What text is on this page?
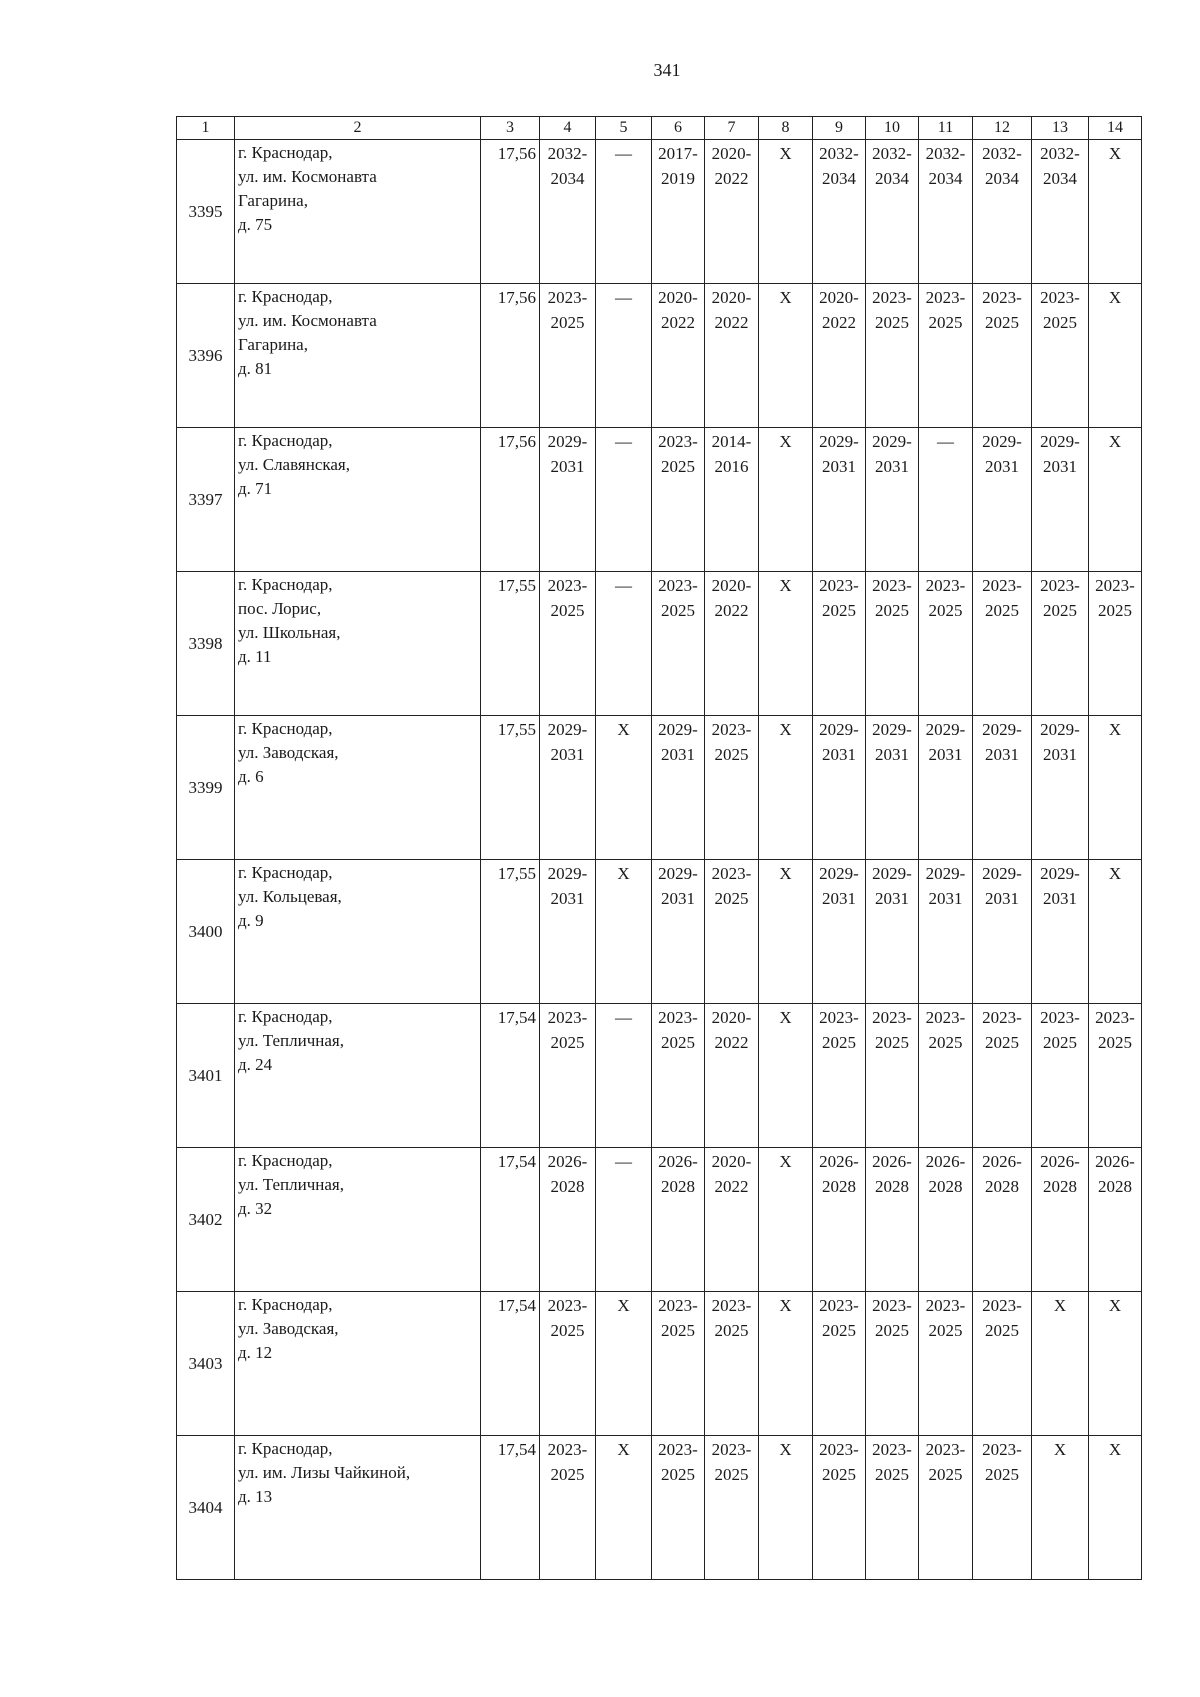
341
1	2	3	4	5	6	7	8	9	10	11	12	13	14
3395	г. Краснодар,
ул. им. Космонавта
Гагарина,
д. 75	17,56	2032-
2034	—	2017-
2019	2020-
2022	X	2032-
2034	2032-
2034	2032-
2034	2032-
2034	2032-
2034	X

3396	г. Краснодар,
ул. им. Космонавта
Гагарина,
д. 81	17,56	2023-
2025	—	2020-
2022	2020-
2022	X	2020-
2022	2023-
2025	2023-
2025	2023-
2025	2023-
2025	X

3397	г. Краснодар,
ул. Славянская,
д. 71	17,56	2029-
2031	—	2023-
2025	2014-
2016	X	2029-
2031	2029-
2031	—	2029-
2031	2029-
2031	X

3398	г. Краснодар,
пос. Лорис,
ул. Школьная,
д. 11	17,55	2023-
2025	—	2023-
2025	2020-
2022	X	2023-
2025	2023-
2025	2023-
2025	2023-
2025	2023-
2025	2023-
2025

3399	г. Краснодар,
ул. Заводская,
д. 6	17,55	2029-
2031	X	2029-
2031	2023-
2025	X	2029-
2031	2029-
2031	2029-
2031	2029-
2031	2029-
2031	X

3400	г. Краснодар,
ул. Кольцевая,
д. 9	17,55	2029-
2031	X	2029-
2031	2023-
2025	X	2029-
2031	2029-
2031	2029-
2031	2029-
2031	2029-
2031	X

3401	г. Краснодар,
ул. Тепличная,
д. 24	17,54	2023-
2025	—	2023-
2025	2020-
2022	X	2023-
2025	2023-
2025	2023-
2025	2023-
2025	2023-
2025	2023-
2025

3402	г. Краснодар,
ул. Тепличная,
д. 32	17,54	2026-
2028	—	2026-
2028	2020-
2022	X	2026-
2028	2026-
2028	2026-
2028	2026-
2028	2026-
2028	2026-
2028

3403	г. Краснодар,
ул. Заводская,
д. 12	17,54	2023-
2025	X	2023-
2025	2023-
2025	X	2023-
2025	2023-
2025	2023-
2025	2023-
2025	X	X

3404	г. Краснодар,
ул. им. Лизы Чайкиной,
д. 13	17,54	2023-
2025	X	2023-
2025	2023-
2025	X	2023-
2025	2023-
2025	2023-
2025	2023-
2025	X	X
